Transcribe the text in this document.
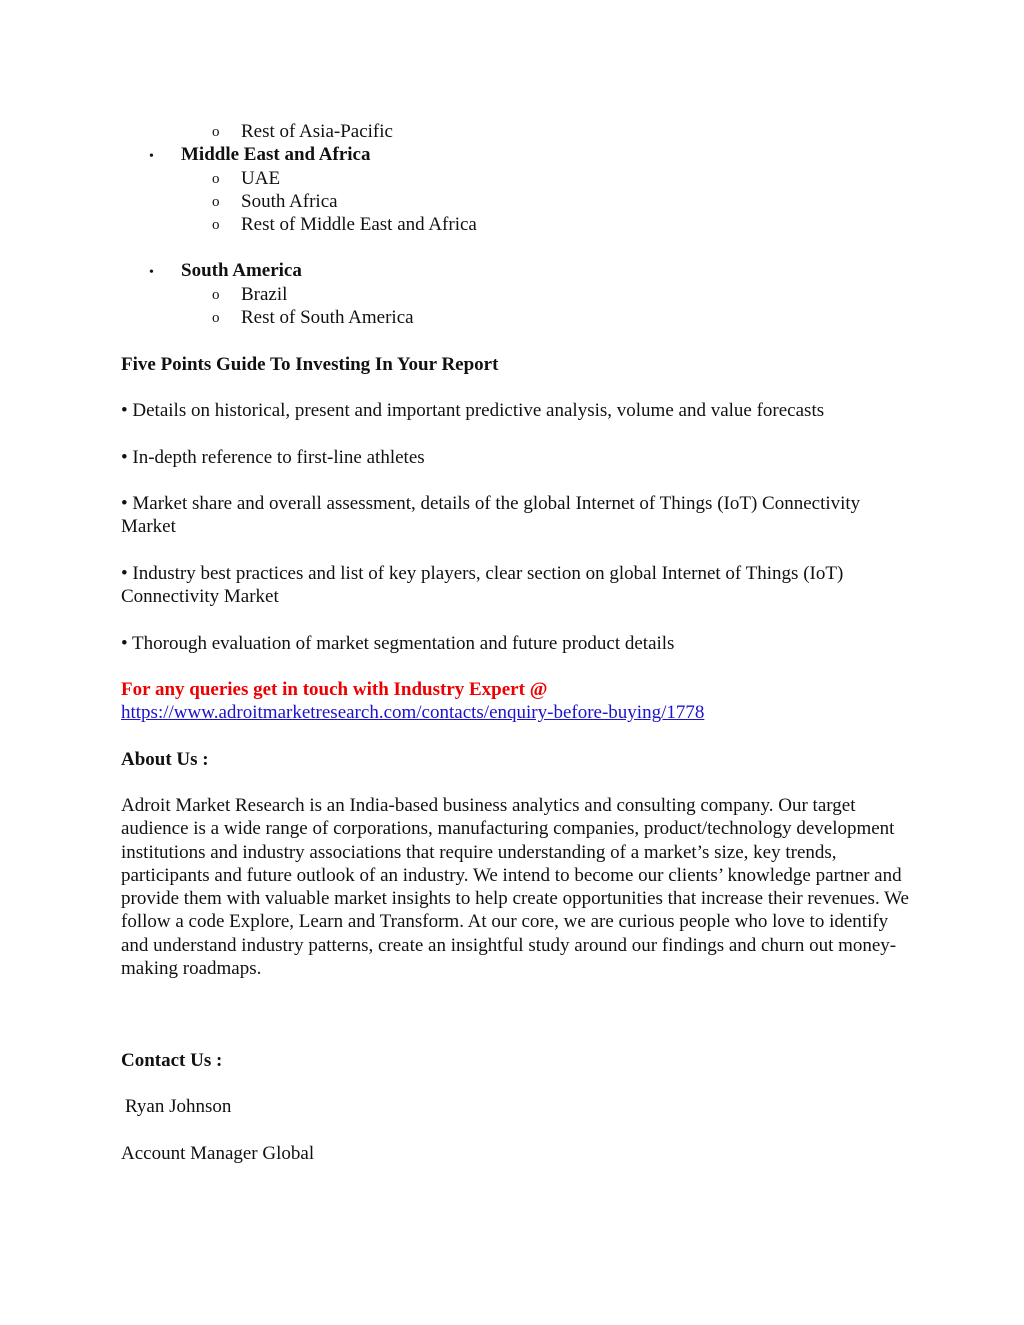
o	Rest of Asia-Pacific
•	Middle East and Africa
o	UAE
o	South Africa
o	Rest of Middle East and Africa
•	South America
o	Brazil
o	Rest of South America

Five Points Guide To Investing In Your Report

• Details on historical, present and important predictive analysis, volume and value forecasts

• In-depth reference to first-line athletes

• Market share and overall assessment, details of the global Internet of Things (IoT) Connectivity Market

• Industry best practices and list of key players, clear section on global Internet of Things (IoT) Connectivity Market

• Thorough evaluation of market segmentation and future product details

For any queries get in touch with Industry Expert @

https://www.adroitmarketresearch.com/contacts/enquiry-before-buying/1778

About Us :

Adroit Market Research is an India-based business analytics and consulting company. Our target audience is a wide range of corporations, manufacturing companies, product/technology development institutions and industry associations that require understanding of a market’s size, key trends, participants and future outlook of an industry. We intend to become our clients’ knowledge partner and provide them with valuable market insights to help create opportunities that increase their revenues. We follow a code Explore, Learn and Transform. At our core, we are curious people who love to identify and understand industry patterns, create an insightful study around our findings and churn out money-making roadmaps.

Contact Us :

Ryan Johnson

Account Manager Global
